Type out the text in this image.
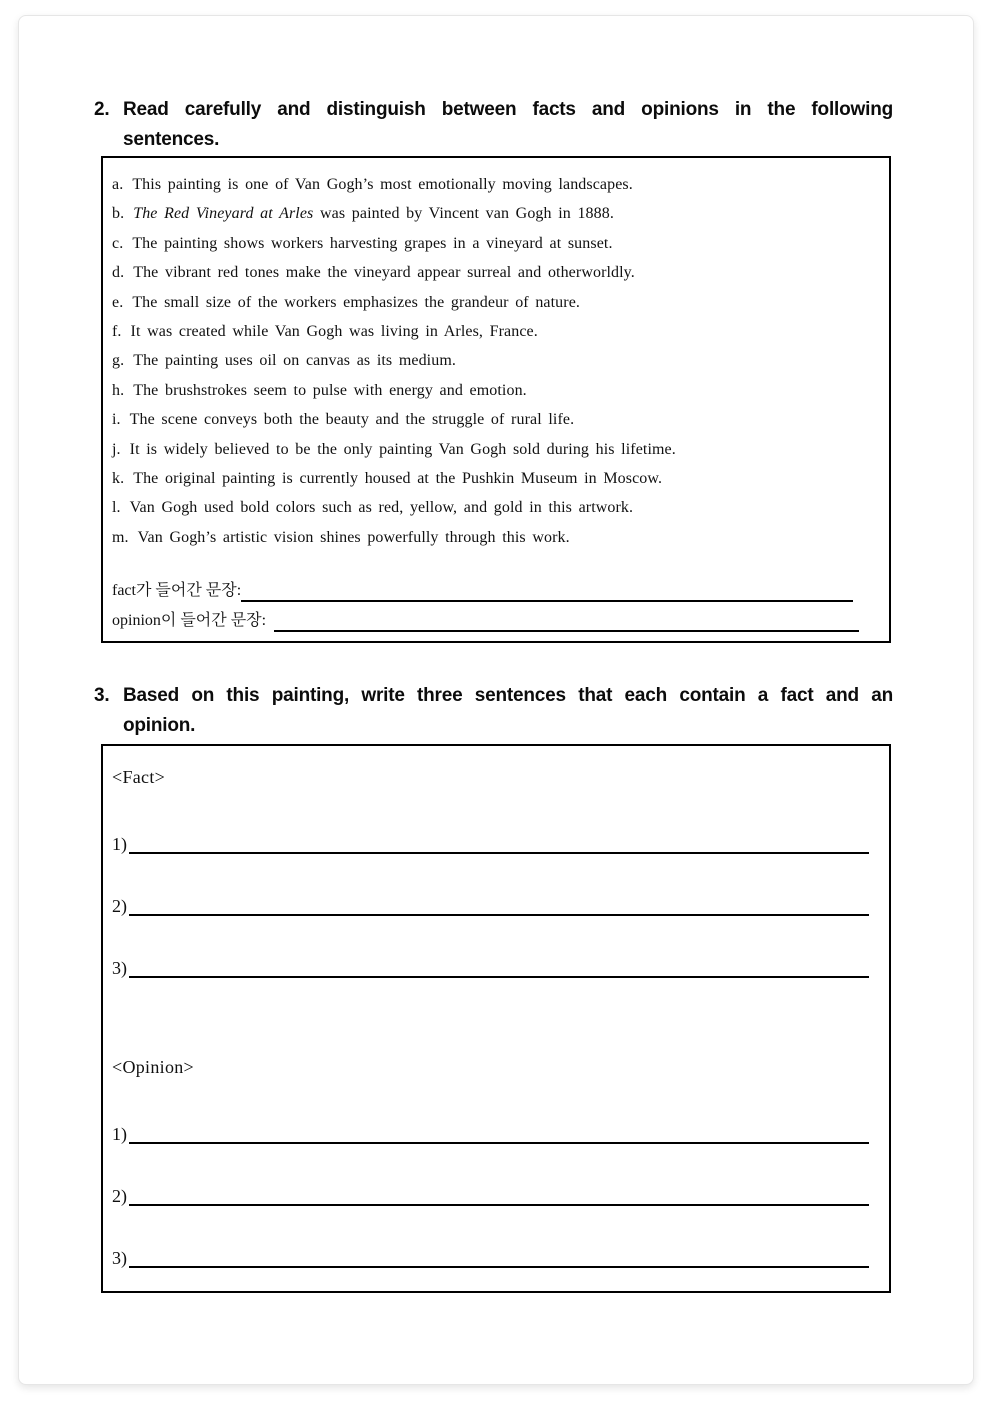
2. Read carefully and distinguish between facts and opinions in the following
sentences.
a. This painting is one of Van Gogh’s most emotionally moving landscapes.
b. The Red Vineyard at Arles was painted by Vincent van Gogh in 1888.
c. The painting shows workers harvesting grapes in a vineyard at sunset.
d. The vibrant red tones make the vineyard appear surreal and otherworldly.
e. The small size of the workers emphasizes the grandeur of nature.
f. It was created while Van Gogh was living in Arles, France.
g. The painting uses oil on canvas as its medium.
h. The brushstrokes seem to pulse with energy and emotion.
i. The scene conveys both the beauty and the struggle of rural life.
j. It is widely believed to be the only painting Van Gogh sold during his lifetime.
k. The original painting is currently housed at the Pushkin Museum in Moscow.
l. Van Gogh used bold colors such as red, yellow, and gold in this artwork.
m. Van Gogh’s artistic vision shines powerfully through this work.
fact가 들어간 문장:
opinion이 들어간 문장:
3. Based on this painting, write three sentences that each contain a fact and an
opinion.
<Fact>
1)
2)
3)
<Opinion>
1)
2)
3)
